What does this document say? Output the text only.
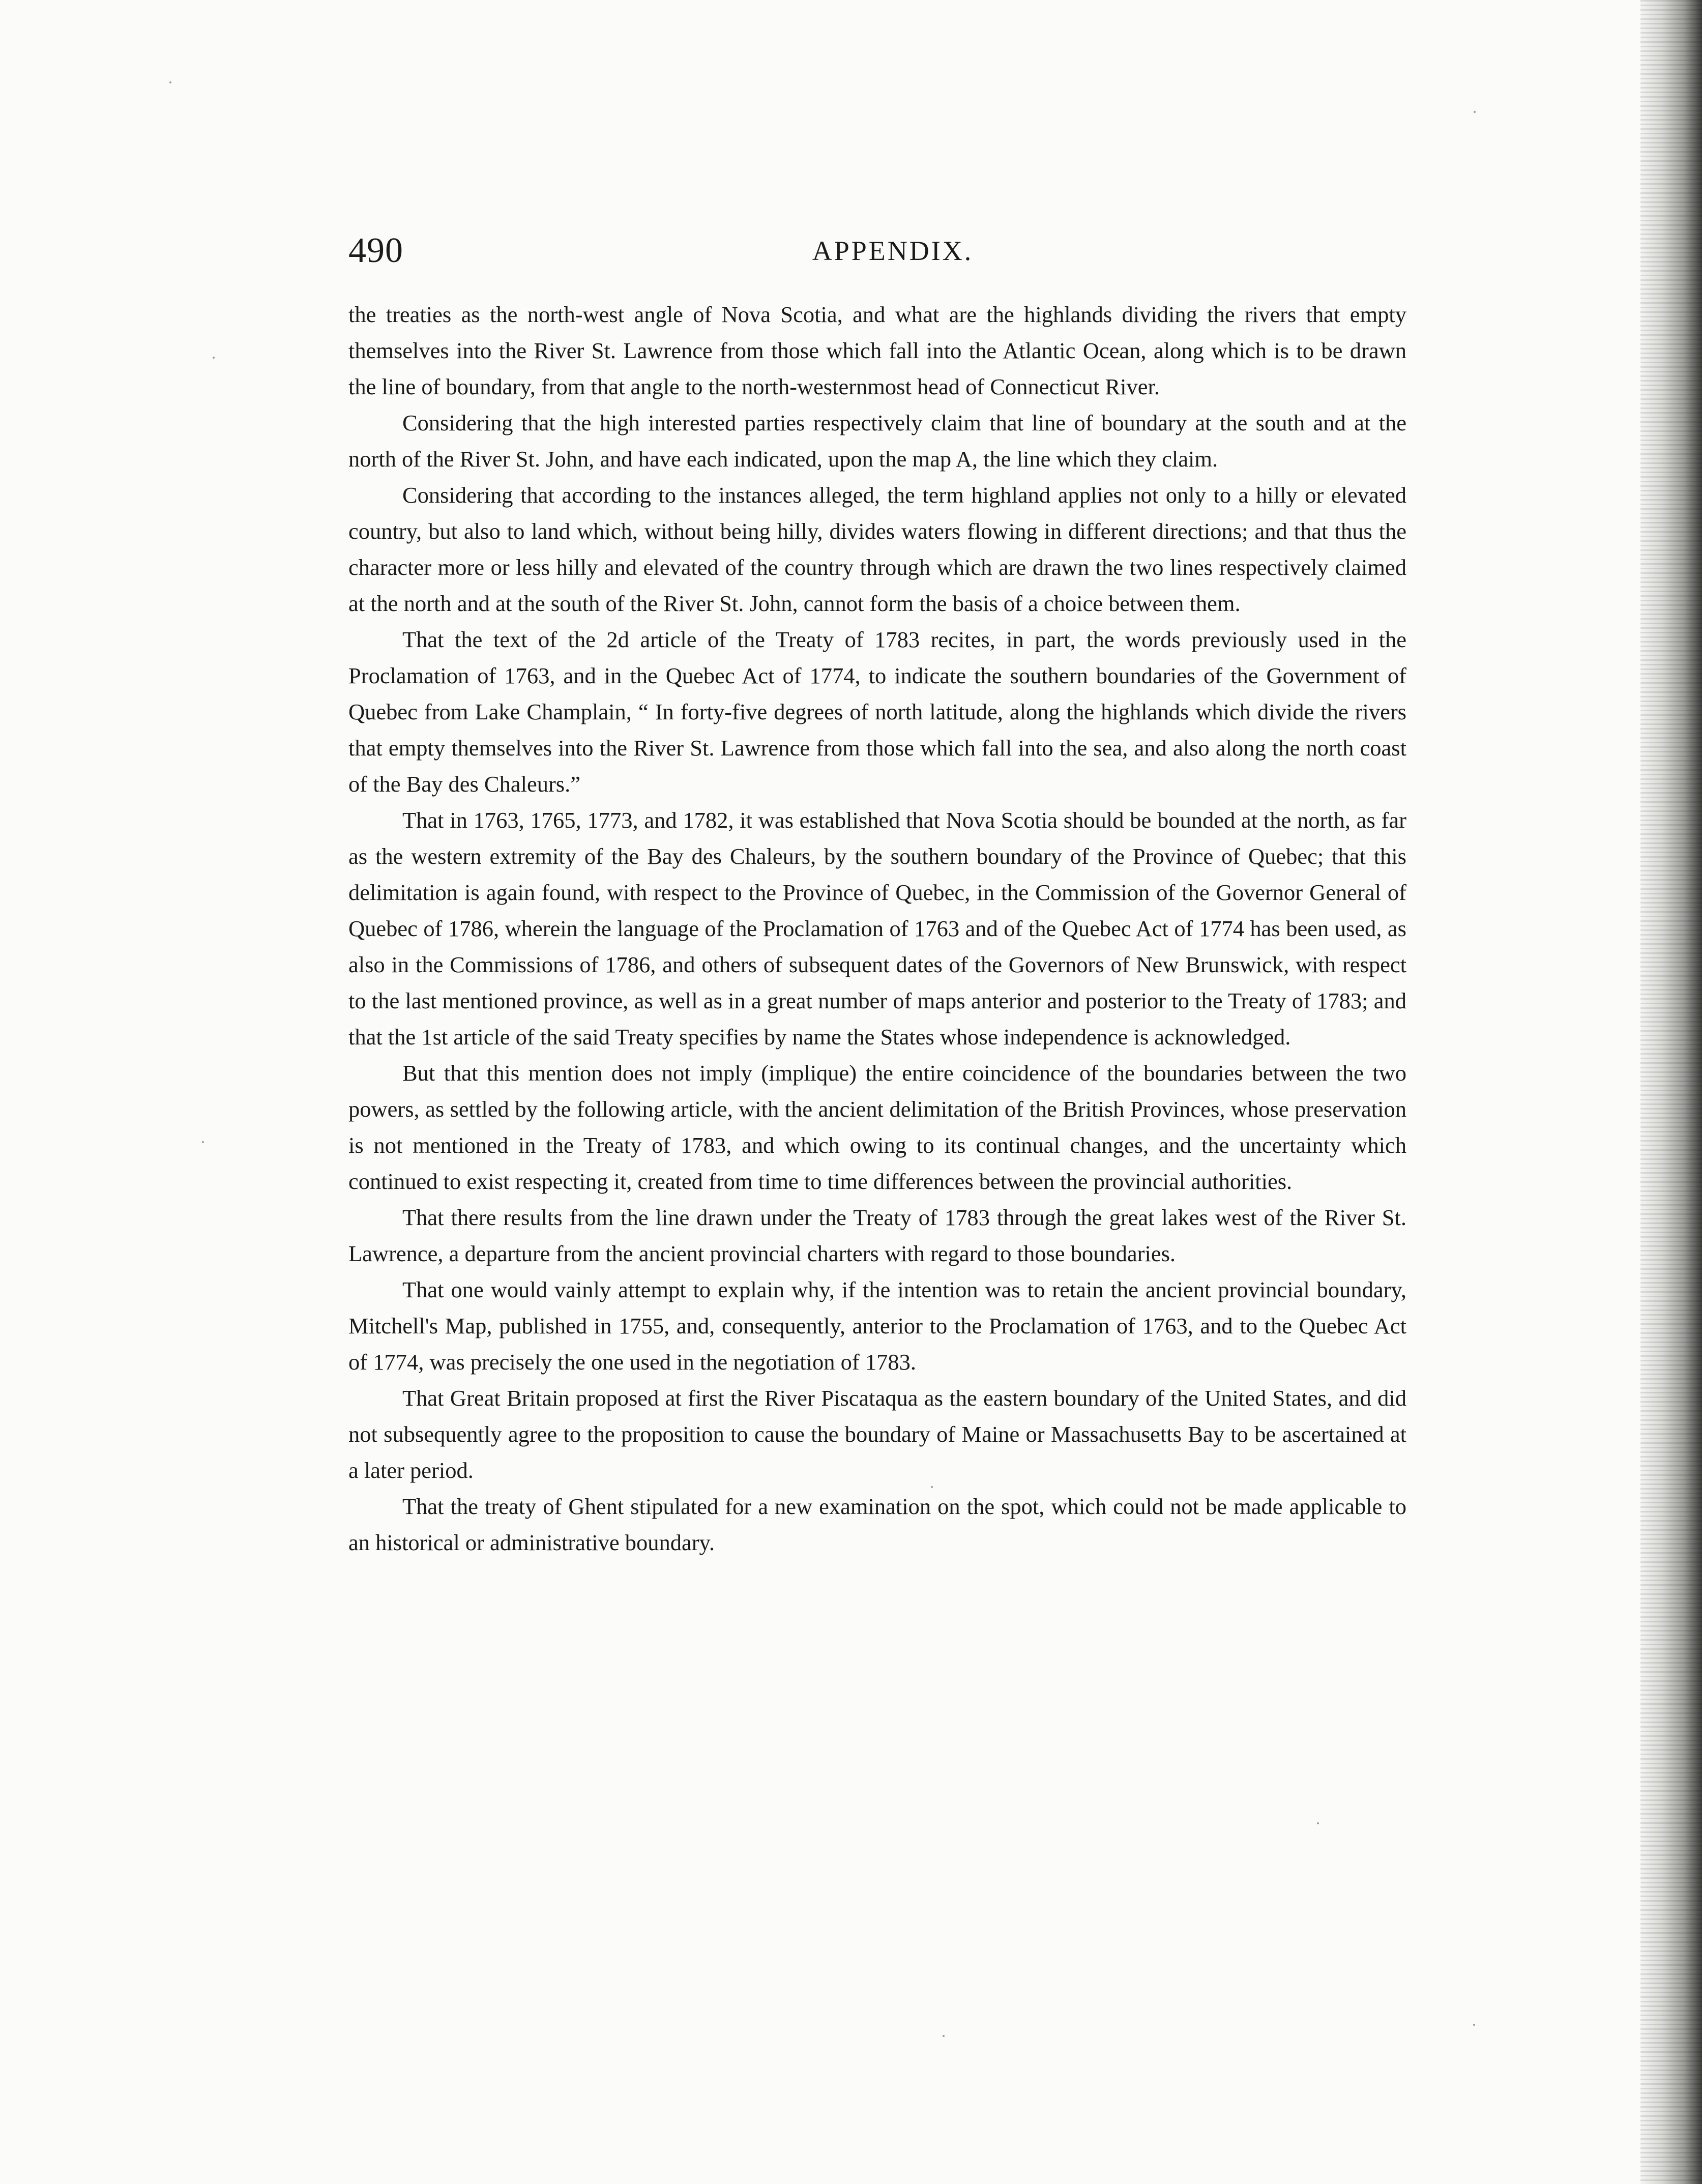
490	APPENDIX.

the treaties as the north-west angle of Nova Scotia, and what are the highlands dividing the rivers that empty themselves into the River St. Lawrence from those which fall into the Atlantic Ocean, along which is to be drawn the line of boundary, from that angle to the north-westernmost head of Connecticut River.

Considering that the high interested parties respectively claim that line of boundary at the south and at the north of the River St. John, and have each indicated, upon the map A, the line which they claim.

Considering that according to the instances alleged, the term highland applies not only to a hilly or elevated country, but also to land which, without being hilly, divides waters flowing in different directions; and that thus the character more or less hilly and elevated of the country through which are drawn the two lines respectively claimed at the north and at the south of the River St. John, cannot form the basis of a choice between them.

That the text of the 2d article of the Treaty of 1783 recites, in part, the words previously used in the Proclamation of 1763, and in the Quebec Act of 1774, to indicate the southern boundaries of the Government of Quebec from Lake Champlain, “ In forty-five degrees of north latitude, along the highlands which divide the rivers that empty themselves into the River St. Lawrence from those which fall into the sea, and also along the north coast of the Bay des Chaleurs.”

That in 1763, 1765, 1773, and 1782, it was established that Nova Scotia should be bounded at the north, as far as the western extremity of the Bay des Chaleurs, by the southern boundary of the Province of Quebec; that this delimitation is again found, with respect to the Province of Quebec, in the Commission of the Governor General of Quebec of 1786, wherein the language of the Proclamation of 1763 and of the Quebec Act of 1774 has been used, as also in the Commissions of 1786, and others of subsequent dates of the Governors of New Brunswick, with respect to the last mentioned province, as well as in a great number of maps anterior and posterior to the Treaty of 1783; and that the 1st article of the said Treaty specifies by name the States whose independence is acknowledged.

But that this mention does not imply (implique) the entire coincidence of the boundaries between the two powers, as settled by the following article, with the ancient delimitation of the British Provinces, whose preservation is not mentioned in the Treaty of 1783, and which owing to its continual changes, and the uncertainty which continued to exist respecting it, created from time to time differences between the provincial authorities.

That there results from the line drawn under the Treaty of 1783 through the great lakes west of the River St. Lawrence, a departure from the ancient provincial charters with regard to those boundaries.

That one would vainly attempt to explain why, if the intention was to retain the ancient provincial boundary, Mitchell's Map, published in 1755, and, consequently, anterior to the Proclamation of 1763, and to the Quebec Act of 1774, was precisely the one used in the negotiation of 1783.

That Great Britain proposed at first the River Piscataqua as the eastern boundary of the United States, and did not subsequently agree to the proposition to cause the boundary of Maine or Massachusetts Bay to be ascertained at a later period.

That the treaty of Ghent stipulated for a new examination on the spot, which could not be made applicable to an historical or administrative boundary.
